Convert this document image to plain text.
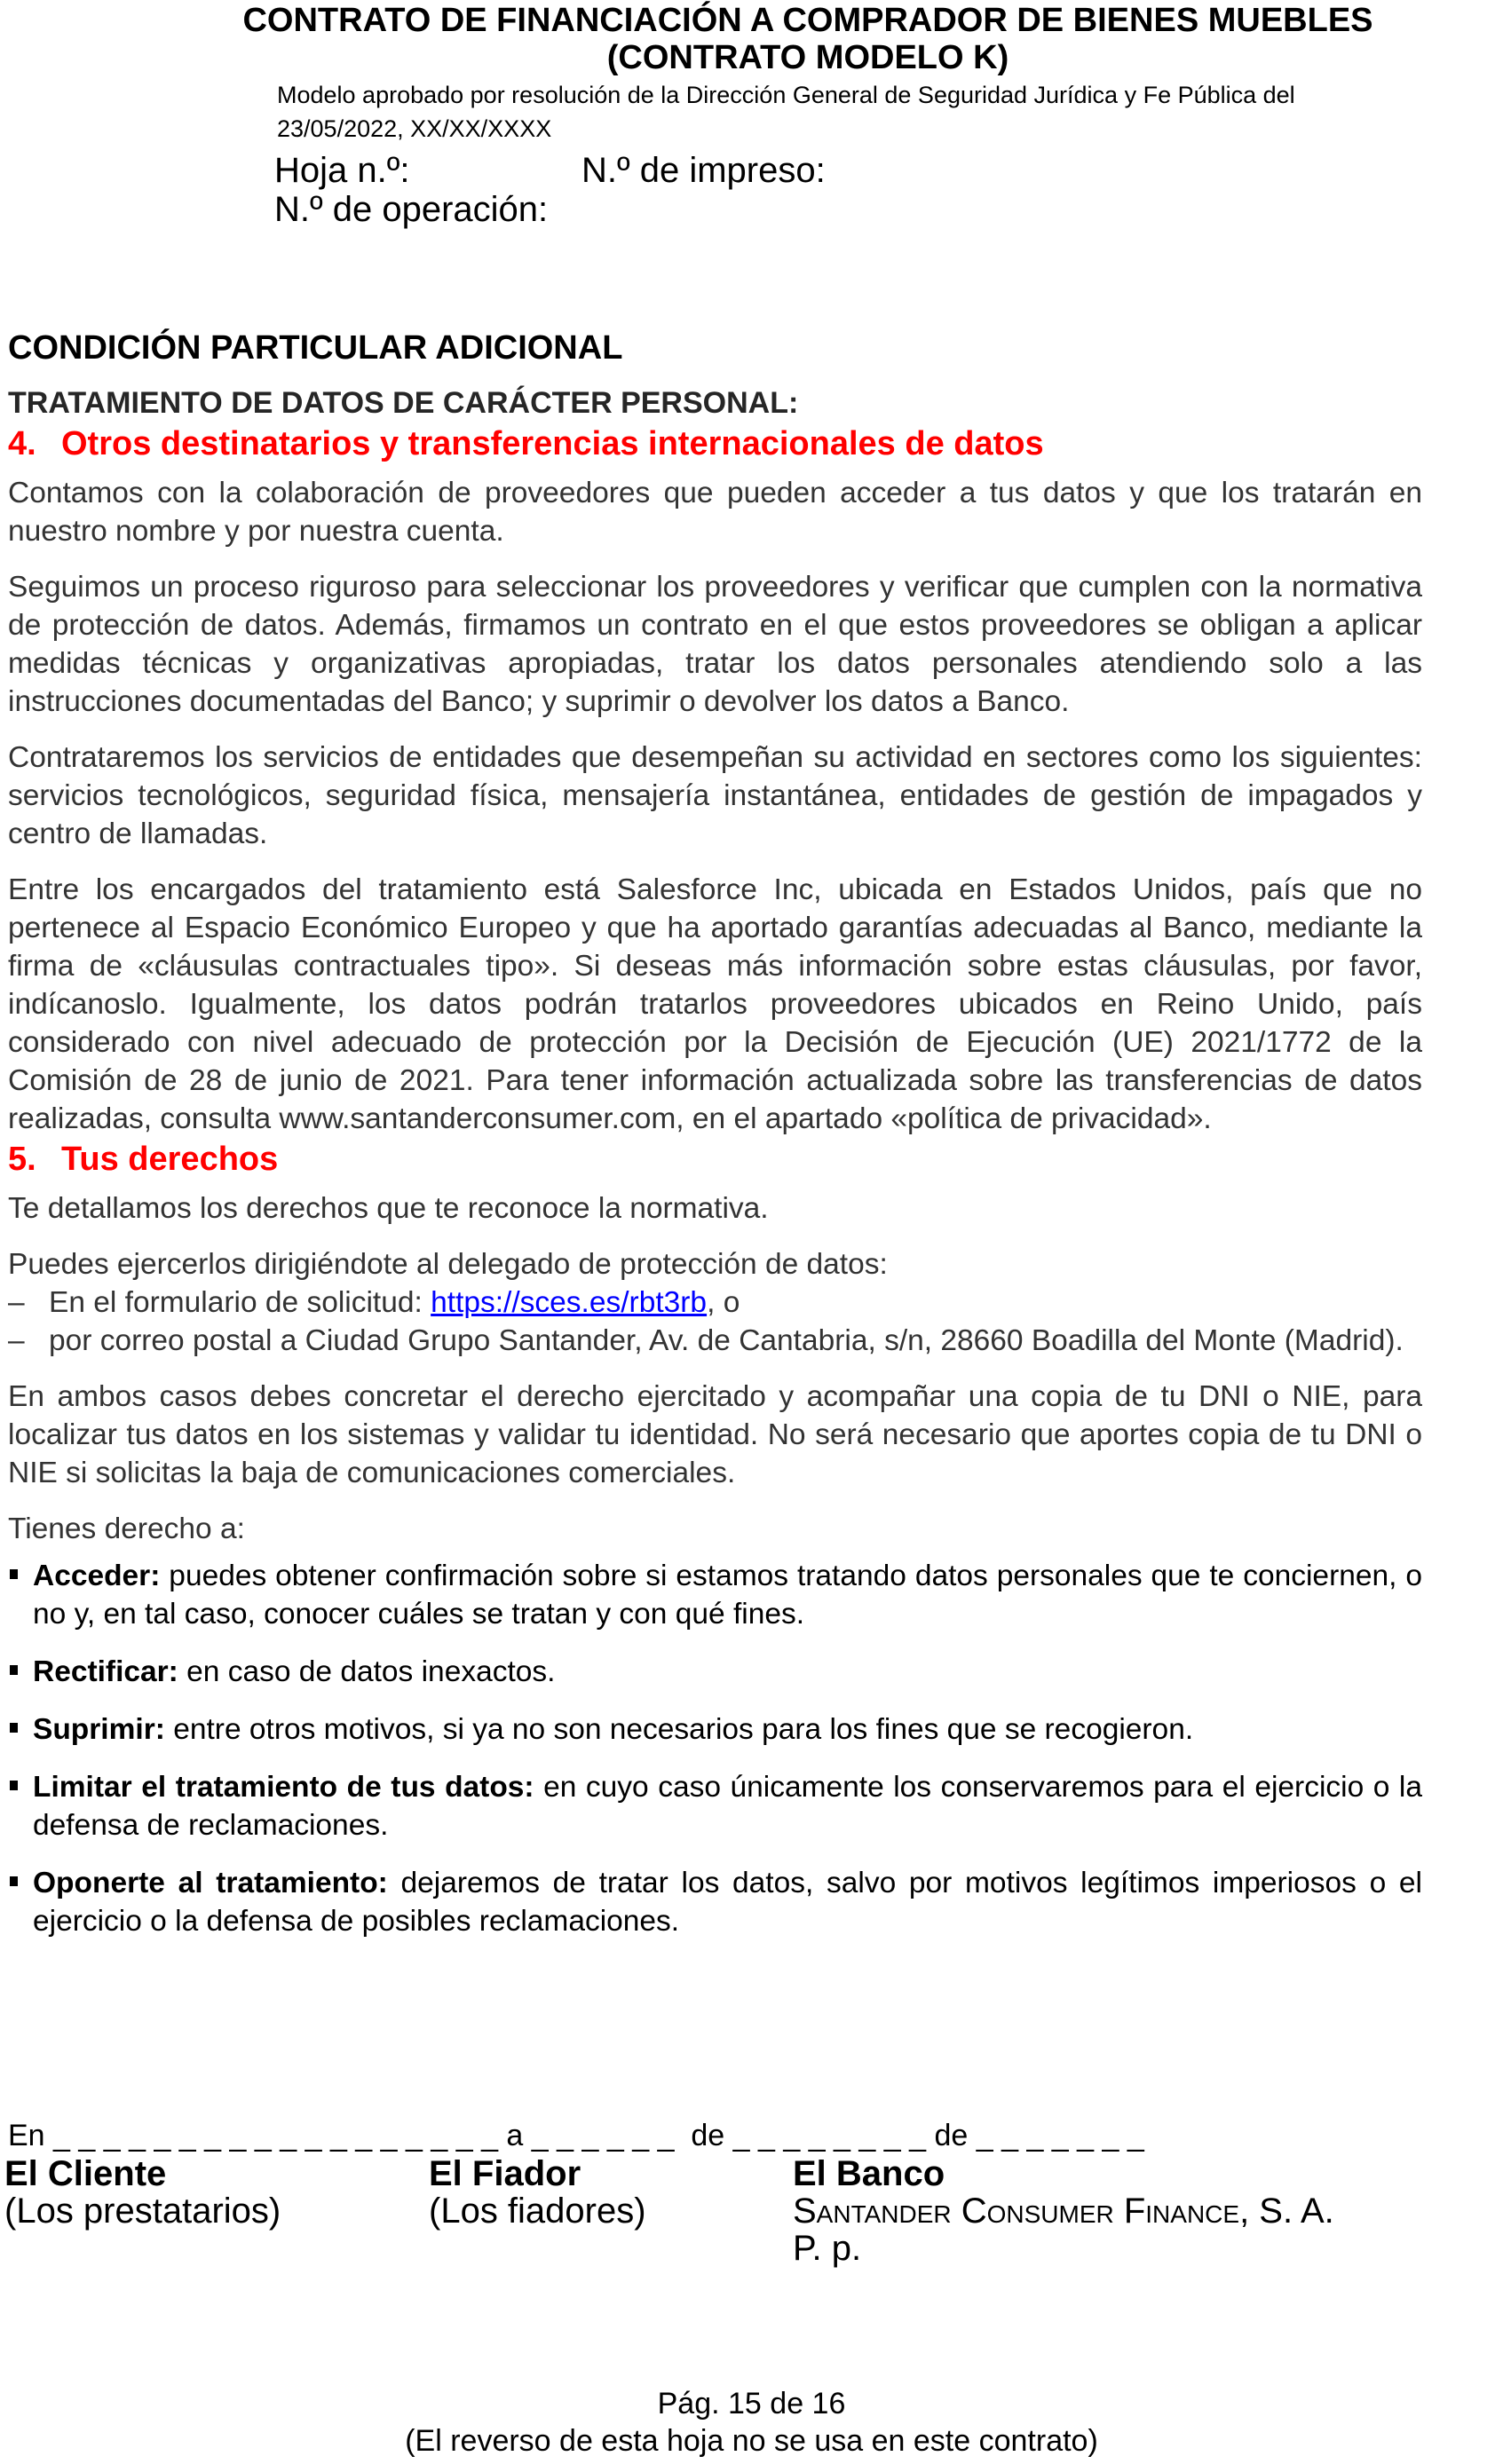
CONTRATO DE FINANCIACIÓN A COMPRADOR DE BIENES MUEBLES
(CONTRATO MODELO K)
Modelo aprobado por resolución de la Dirección General de Seguridad Jurídica y Fe Pública del
23/05/2022, XX/XX/XXXX
Hoja n.º:	N.º de impreso:
N.º de operación:
CONDICIÓN PARTICULAR ADICIONAL
TRATAMIENTO DE DATOS DE CARÁCTER PERSONAL:
4. Otros destinatarios y transferencias internacionales de datos

Contamos con la colaboración de proveedores que pueden acceder a tus datos y que los tratarán en nuestro nombre y por nuestra cuenta.

Seguimos un proceso riguroso para seleccionar los proveedores y verificar que cumplen con la normativa de protección de datos. Además, firmamos un contrato en el que estos proveedores se obligan a aplicar medidas técnicas y organizativas apropiadas, tratar los datos personales atendiendo solo a las instrucciones documentadas del Banco; y suprimir o devolver los datos a Banco.

Contrataremos los servicios de entidades que desempeñan su actividad en sectores como los siguientes: servicios tecnológicos, seguridad física, mensajería instantánea, entidades de gestión de impagados y centro de llamadas.

Entre los encargados del tratamiento está Salesforce Inc, ubicada en Estados Unidos, país que no pertenece al Espacio Económico Europeo y que ha aportado garantías adecuadas al Banco, mediante la firma de «cláusulas contractuales tipo». Si deseas más información sobre estas cláusulas, por favor, indícanoslo. Igualmente, los datos podrán tratarlos proveedores ubicados en Reino Unido, país considerado con nivel adecuado de protección por la Decisión de Ejecución (UE) 2021/1772 de la Comisión de 28 de junio de 2021. Para tener información actualizada sobre las transferencias de datos realizadas, consulta www.santanderconsumer.com, en el apartado «política de privacidad».

5. Tus derechos

Te detallamos los derechos que te reconoce la normativa.

Puedes ejercerlos dirigiéndote al delegado de protección de datos:

– En el formulario de solicitud: https://sces.es/rbt3rb, o
– por correo postal a Ciudad Grupo Santander, Av. de Cantabria, s/n, 28660 Boadilla del Monte (Madrid).

En ambos casos debes concretar el derecho ejercitado y acompañar una copia de tu DNI o NIE, para localizar tus datos en los sistemas y validar tu identidad. No será necesario que aportes copia de tu DNI o NIE si solicitas la baja de comunicaciones comerciales.

Tienes derecho a:

Acceder: puedes obtener confirmación sobre si estamos tratando datos personales que te conciernen, o no y, en tal caso, conocer cuáles se tratan y con qué fines.
Rectificar: en caso de datos inexactos.
Suprimir: entre otros motivos, si ya no son necesarios para los fines que se recogieron.
Limitar el tratamiento de tus datos: en cuyo caso únicamente los conservaremos para el ejercicio o la defensa de reclamaciones.
Oponerte al tratamiento: dejaremos de tratar los datos, salvo por motivos legítimos imperiosos o el ejercicio o la defensa de posibles reclamaciones.
En _ _ _ _ _ _ _ _ _ _ _ _ _ _ _ _ _ _ a _ _ _ _ _ _  de _ _ _ _ _ _ _ _ de _ _ _ _ _ _ _
El Cliente
(Los prestatarios)
El Fiador
(Los fiadores)
El Banco
Santander Consumer Finance, S. A.
P. p.
Pág. 15 de 16
(El reverso de esta hoja no se usa en este contrato)
